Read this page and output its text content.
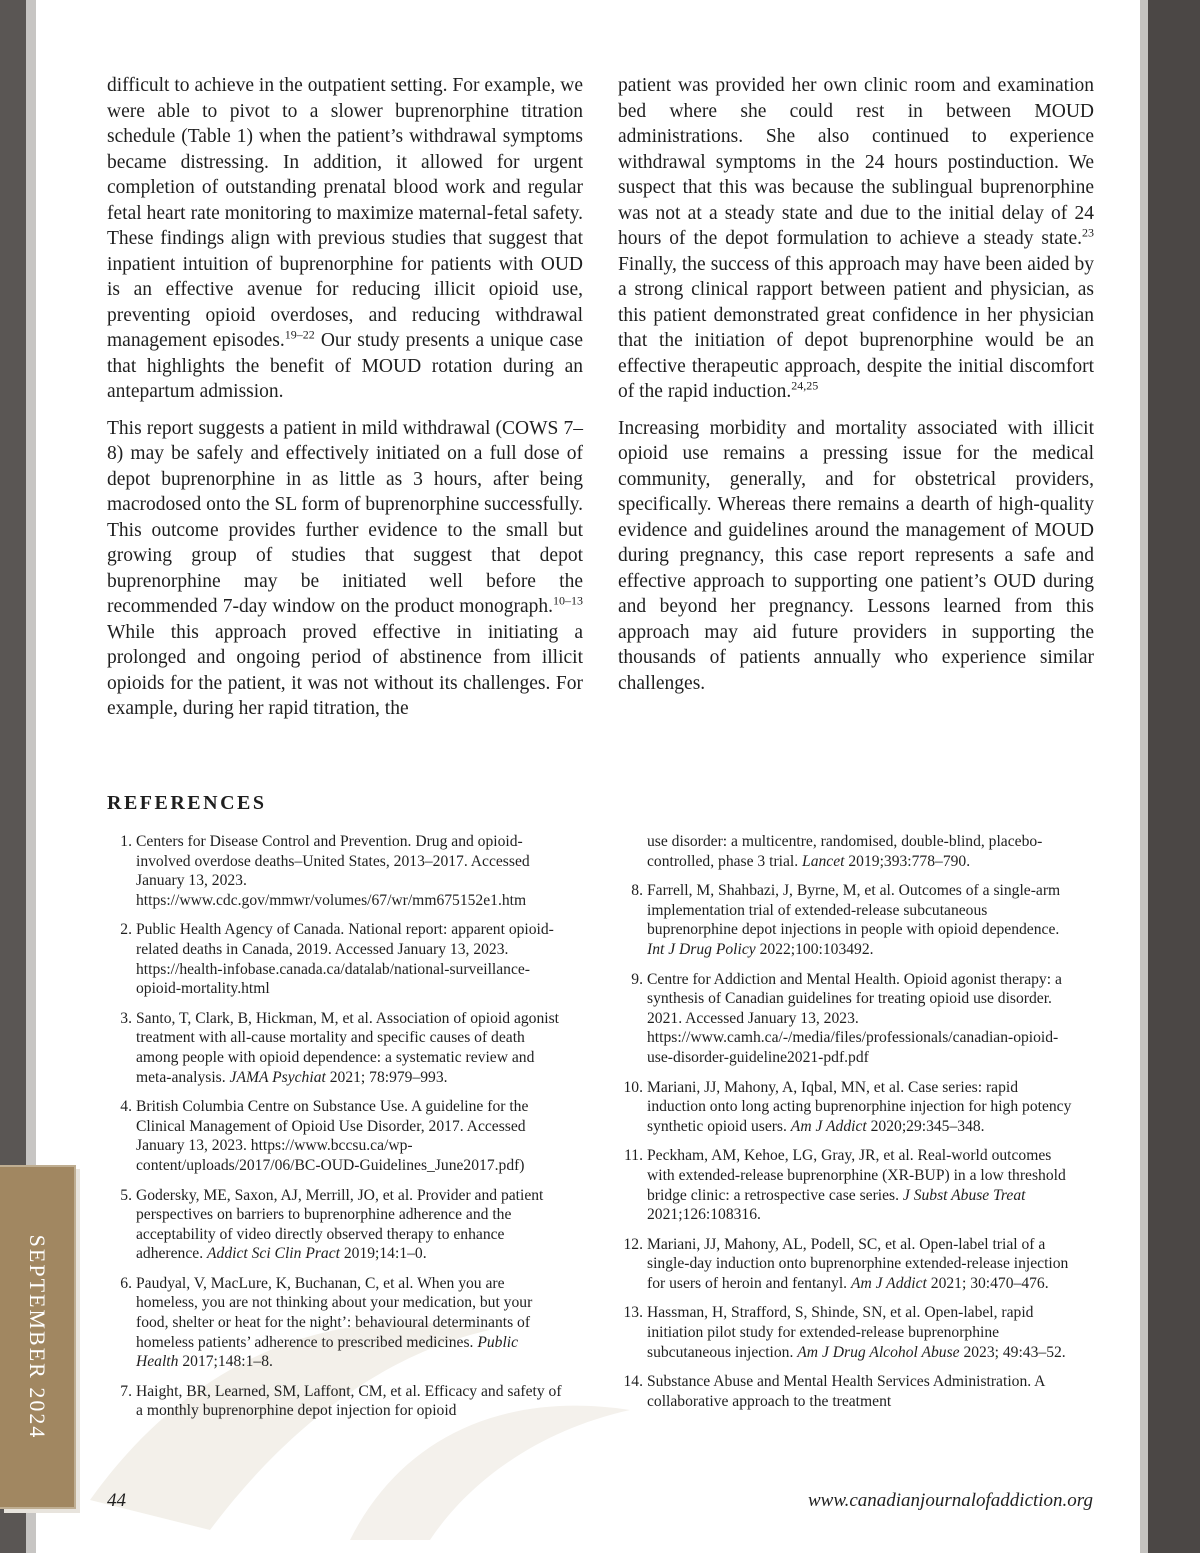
SEPTEMBER 2024

difficult to achieve in the outpatient setting. For example, we were able to pivot to a slower buprenorphine titration schedule (Table 1) when the patient’s withdrawal symptoms became distressing. In addition, it allowed for urgent completion of outstanding prenatal blood work and regular fetal heart rate monitoring to maximize maternal-fetal safety. These findings align with previous studies that suggest that inpatient intuition of buprenorphine for patients with OUD is an effective avenue for reducing illicit opioid use, preventing opioid overdoses, and reducing withdrawal management episodes.$^{19-22}$ Our study presents a unique case that highlights the benefit of MOUD rotation during an antepartum admission.

This report suggests a patient in mild withdrawal (COWS 7–8) may be safely and effectively initiated on a full dose of depot buprenorphine in as little as 3 hours, after being macrodosed onto the SL form of buprenorphine successfully. This outcome provides further evidence to the small but growing group of studies that suggest that depot buprenorphine may be initiated well before the recommended 7-day window on the product monograph.$^{10-13}$ While this approach proved effective in initiating a prolonged and ongoing period of abstinence from illicit opioids for the patient, it was not without its challenges. For example, during her rapid titration, the

patient was provided her own clinic room and examination bed where she could rest in between MOUD administrations. She also continued to experience withdrawal symptoms in the 24 hours postinduction. We suspect that this was because the sublingual buprenorphine was not at a steady state and due to the initial delay of 24 hours of the depot formulation to achieve a steady state.$^{23}$ Finally, the success of this approach may have been aided by a strong clinical rapport between patient and physician, as this patient demonstrated great confidence in her physician that the initiation of depot buprenorphine would be an effective therapeutic approach, despite the initial discomfort of the rapid induction.$^{24,25}$

Increasing morbidity and mortality associated with illicit opioid use remains a pressing issue for the medical community, generally, and for obstetrical providers, specifically. Whereas there remains a dearth of high-quality evidence and guidelines around the management of MOUD during pregnancy, this case report represents a safe and effective approach to supporting one patient’s OUD during and beyond her pregnancy. Lessons learned from this approach may aid future providers in supporting the thousands of patients annually who experience similar challenges.

REFERENCES
1. Centers for Disease Control and Prevention. Drug and opioid-involved overdose deaths–United States, 2013–2017. Accessed January 13, 2023. https://www.cdc.gov/mmwr/volumes/67/wr/mm675152e1.htm
2. Public Health Agency of Canada. National report: apparent opioid-related deaths in Canada, 2019. Accessed January 13, 2023. https://health-infobase.canada.ca/datalab/national-surveillance-opioid-mortality.html
3. Santo, T, Clark, B, Hickman, M, et al. Association of opioid agonist treatment with all-cause mortality and specific causes of death among people with opioid dependence: a systematic review and meta-analysis. JAMA Psychiat 2021; 78:979–993.
4. British Columbia Centre on Substance Use. A guideline for the Clinical Management of Opioid Use Disorder, 2017. Accessed January 13, 2023. https://www.bccsu.ca/wp-content/uploads/2017/06/BC-OUD-Guidelines_June2017.pdf)
5. Godersky, ME, Saxon, AJ, Merrill, JO, et al. Provider and patient perspectives on barriers to buprenorphine adherence and the acceptability of video directly observed therapy to enhance adherence. Addict Sci Clin Pract 2019;14:1–0.
6. Paudyal, V, MacLure, K, Buchanan, C, et al. When you are homeless, you are not thinking about your medication, but your food, shelter or heat for the night’: behavioural determinants of homeless patients’ adherence to prescribed medicines. Public Health 2017;148:1–8.
7. Haight, BR, Learned, SM, Laffont, CM, et al. Efficacy and safety of a monthly buprenorphine depot injection for opioid
use disorder: a multicentre, randomised, double-blind, placebo-controlled, phase 3 trial. Lancet 2019;393:778–790.
8. Farrell, M, Shahbazi, J, Byrne, M, et al. Outcomes of a single-arm implementation trial of extended-release subcutaneous buprenorphine depot injections in people with opioid dependence. Int J Drug Policy 2022;100:103492.
9. Centre for Addiction and Mental Health. Opioid agonist therapy: a synthesis of Canadian guidelines for treating opioid use disorder. 2021. Accessed January 13, 2023. https://www.camh.ca/-/media/files/professionals/canadian-opioid-use-disorder-guideline2021-pdf.pdf
10. Mariani, JJ, Mahony, A, Iqbal, MN, et al. Case series: rapid induction onto long acting buprenorphine injection for high potency synthetic opioid users. Am J Addict 2020;29:345–348.
11. Peckham, AM, Kehoe, LG, Gray, JR, et al. Real-world outcomes with extended-release buprenorphine (XR-BUP) in a low threshold bridge clinic: a retrospective case series. J Subst Abuse Treat 2021;126:108316.
12. Mariani, JJ, Mahony, AL, Podell, SC, et al. Open-label trial of a single-day induction onto buprenorphine extended-release injection for users of heroin and fentanyl. Am J Addict 2021; 30:470–476.
13. Hassman, H, Strafford, S, Shinde, SN, et al. Open-label, rapid initiation pilot study for extended-release buprenorphine subcutaneous injection. Am J Drug Alcohol Abuse 2023; 49:43–52.
14. Substance Abuse and Mental Health Services Administration. A collaborative approach to the treatment
44	www.canadianjournalofaddiction.org
